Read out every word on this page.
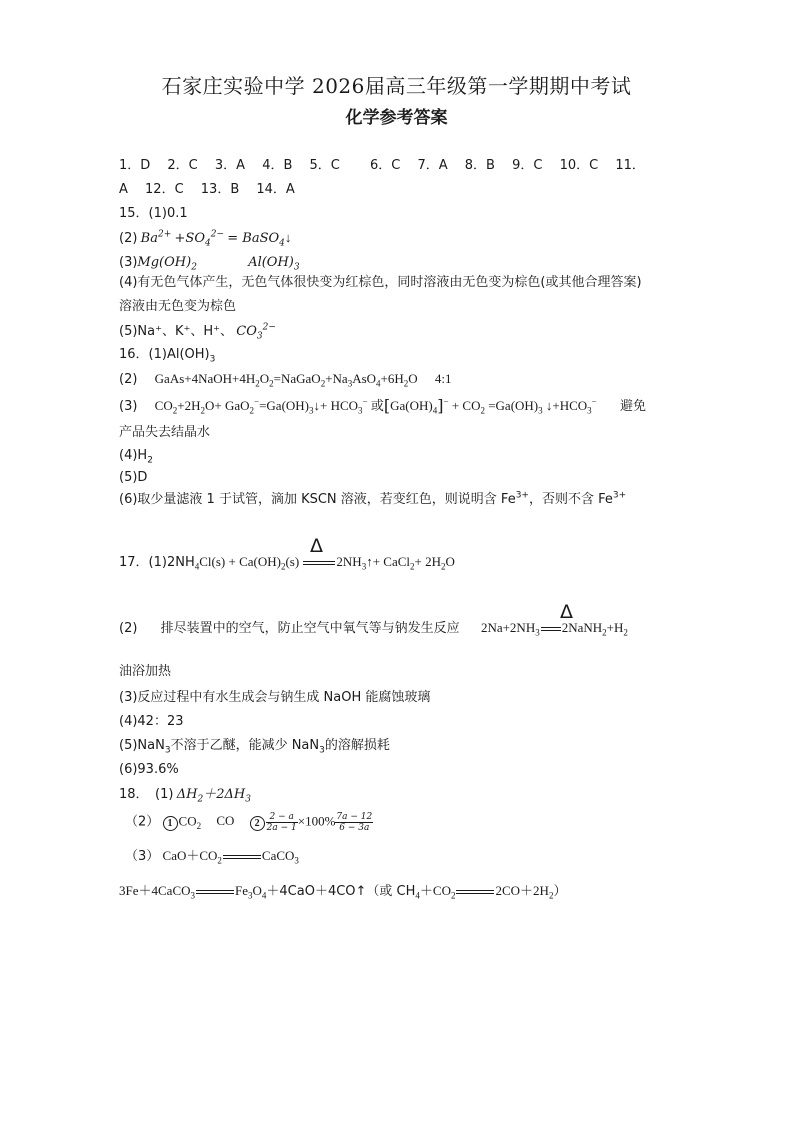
石家庄实验中学 2026届高三年级第一学期期中考试
化学参考答案
1．D　 2．C　 3．A　 4．B　 5．C　　 6．C　 7．A　 8．B　 9．C　 10．C　 11．
A　 12．C　 13．B　 14．A
15．(1)0.1
(2) $Ba^{2+} +SO_4^{2-}$ = BaSO$_4$↓
$(3)Mg(OH)_2$	$Al(OH)_3$
(4)有无色气体产生，无色气体很快变为红棕色，同时溶液由无色变为棕色(或其他合理答案)
溶液由无色变为棕色
(5)Na⁺、K⁺、H⁺、 $CO_3^{2-}$
16．$(1)Al(OH)_3$
(2) $GaAs+4NaOH+4H_2O_2=NaGaO_2+Na_3AsO_4+6H_2O$ 4:1
(3) $CO_2+2H_2O+$ $GaO_2^-=Ga(OH)_3↓+ HCO_3^-$ 或$[Ga(OH)_4]^- + CO_2 =Ga(OH)_3$ $↓+HCO_3^-$ 避免
产品失去结晶水
$(4)H_2$
(5)D
(6)取少量滤液 1 于试管，滴加 KSCN 溶液，若变红色，则说明含 $Fe^{3+}$，否则不含 $Fe^{3+}$
Δ
17．$(1)2NH_4Cl(s) + Ca(OH)_2(s)$	$2NH_3↑+$ CaCl$_2$+ $2H_2O$
Δ
(2) 排尽装置中的空气，防止空气中氧气等与钠发生反应 $2Na+2NH_3$ $2NaNH_2+H_2$
油浴加热
(3)反应过程中有水生成会与钠生成 NaOH 能腐蚀玻璃
(4)42：23
(5)NaN$_3$不溶于乙醚，能减少 NaN$_3$的溶解损耗
(6)93.6%
18．　(1) $\Delta H_2+2\Delta H_3$
（2） 1 $CO_2$ CO $2 \frac{2 - a}{2a - 1} \times 100\% \frac{7a - 12}{6 - 3a}$
（3） $CaO+CO_2$	CaCO$_3$
3Fe＋4CaCO$_3$	$Fe_3O_4+4CaO+4CO↑$（或 $CH_4+CO_2$	$2CO+2H_2$）
